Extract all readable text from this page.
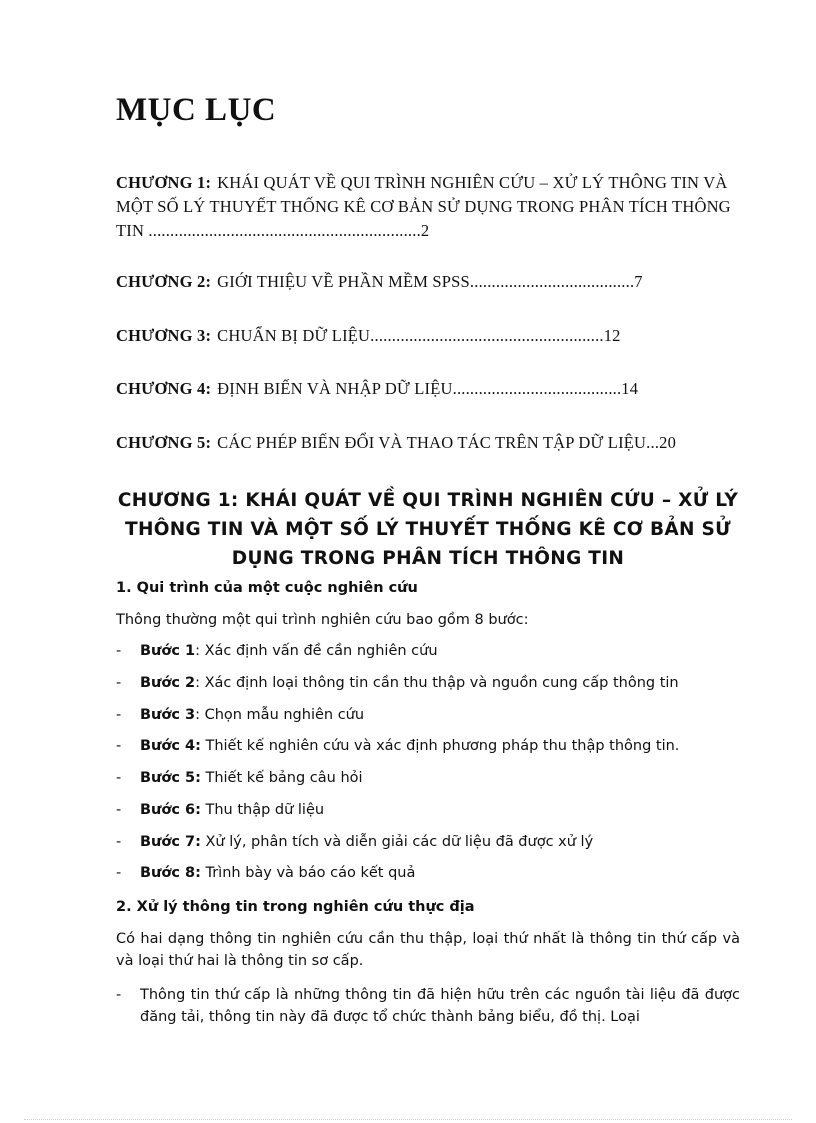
MỤC LỤC
CHƯƠNG 1: KHÁI QUÁT VỀ QUI TRÌNH NGHIÊN CỨU – XỬ LÝ THÔNG TIN VÀ MỘT SỐ LÝ THUYẾT THỐNG KÊ CƠ BẢN SỬ DỤNG TRONG PHÂN TÍCH THÔNG TIN ...............................................................2
CHƯƠNG 2: GIỚI THIỆU VỀ PHẦN MỀM SPSS......................................7
CHƯƠNG 3: CHUẨN BỊ DỮ LIỆU......................................................12
CHƯƠNG 4: ĐỊNH BIẾN VÀ NHẬP DỮ LIỆU.......................................14
CHƯƠNG 5: CÁC PHÉP BIẾN ĐỔI VÀ THAO TÁC TRÊN TẬP DỮ LIỆU...20
CHƯƠNG 1: KHÁI QUÁT VỀ QUI TRÌNH NGHIÊN CỨU – XỬ LÝ THÔNG TIN VÀ MỘT SỐ LÝ THUYẾT THỐNG KÊ CƠ BẢN SỬ DỤNG TRONG PHÂN TÍCH THÔNG TIN
1. Qui trình của một cuộc nghiên cứu
Thông thường một qui trình nghiên cứu bao gồm 8 bước:
- Bước 1: Xác định vấn đề cần nghiên cứu
- Bước 2: Xác định loại thông tin cần thu thập và nguồn cung cấp thông tin
- Bước 3: Chọn mẫu nghiên cứu
- Bước 4: Thiết kế nghiên cứu và xác định phương pháp thu thập thông tin.
- Bước 5: Thiết kế bảng câu hỏi
- Bước 6: Thu thập dữ liệu
- Bước 7: Xử lý, phân tích và diễn giải các dữ liệu đã được xử lý
- Bước 8: Trình bày và báo cáo kết quả
2. Xử lý thông tin trong nghiên cứu thực địa
Có hai dạng thông tin nghiên cứu cần thu thập, loại thứ nhất là thông tin thứ cấp và và loại thứ hai là thông tin sơ cấp.
- Thông tin thứ cấp là những thông tin đã hiện hữu trên các nguồn tài liệu đã được đăng tải, thông tin này đã được tổ chức thành bảng biểu, đồ thị. Loại
